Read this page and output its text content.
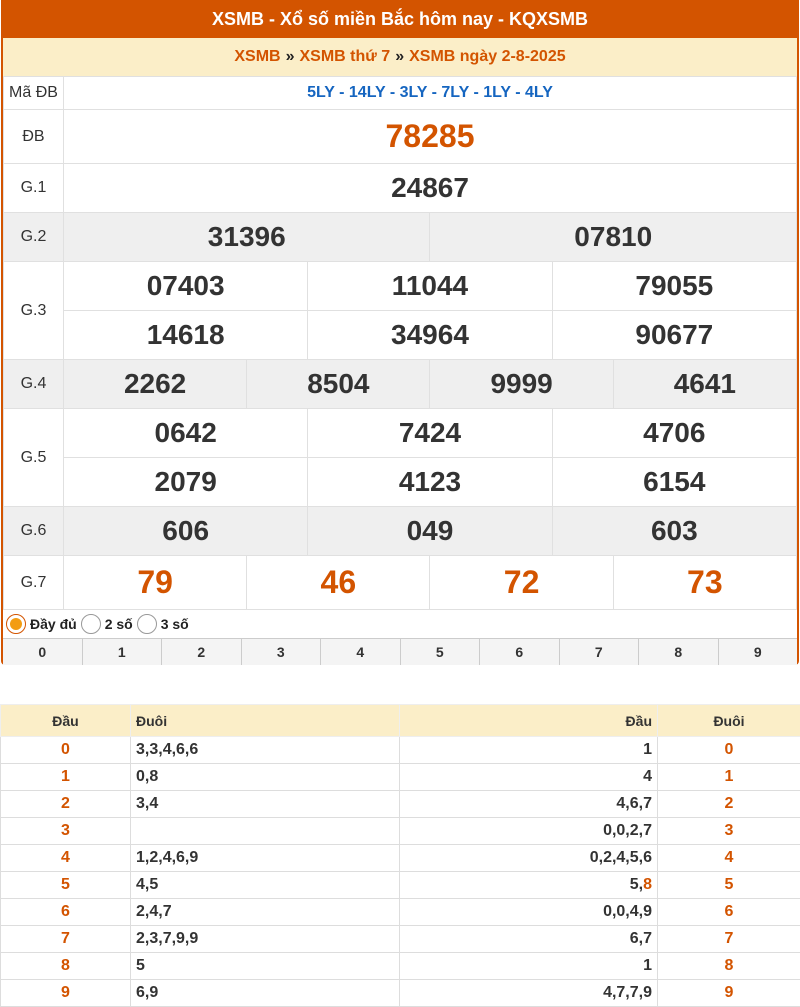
XSMB - Xổ số miền Bắc hôm nay - KQXSMB
XSMB » XSMB thứ 7 » XSMB ngày 2-8-2025
Mã ĐB	5LY - 14LY - 3LY - 7LY - 1LY - 4LY					
ĐB	78285					
G.1	24867					
G.2	31396			07810		
G.3	07403		11044		79055	
	14618		34964		90677	
G.4	2262	8504		9999		4641
G.5	0642		7424		4706	
	2079		4123		6154	
G.6	606		049		603	
G.7	79	46		72		73
Đầy đủ 2 số 3 số
0	1	2	3	4	5	6	7	8	9
Đầu	Đuôi	Đầu	Đuôi
0	3,3,4,6,6	1	0
1	0,8	4	1
2	3,4	4,6,7	2
3		0,0,2,7	3
4	1,2,4,6,9	0,2,4,5,6	4
5	4,5	5,8	5
6	2,4,7	0,0,4,9	6
7	2,3,7,9,9	6,7	7
8	5	1	8
9	6,9	4,7,7,9	9
